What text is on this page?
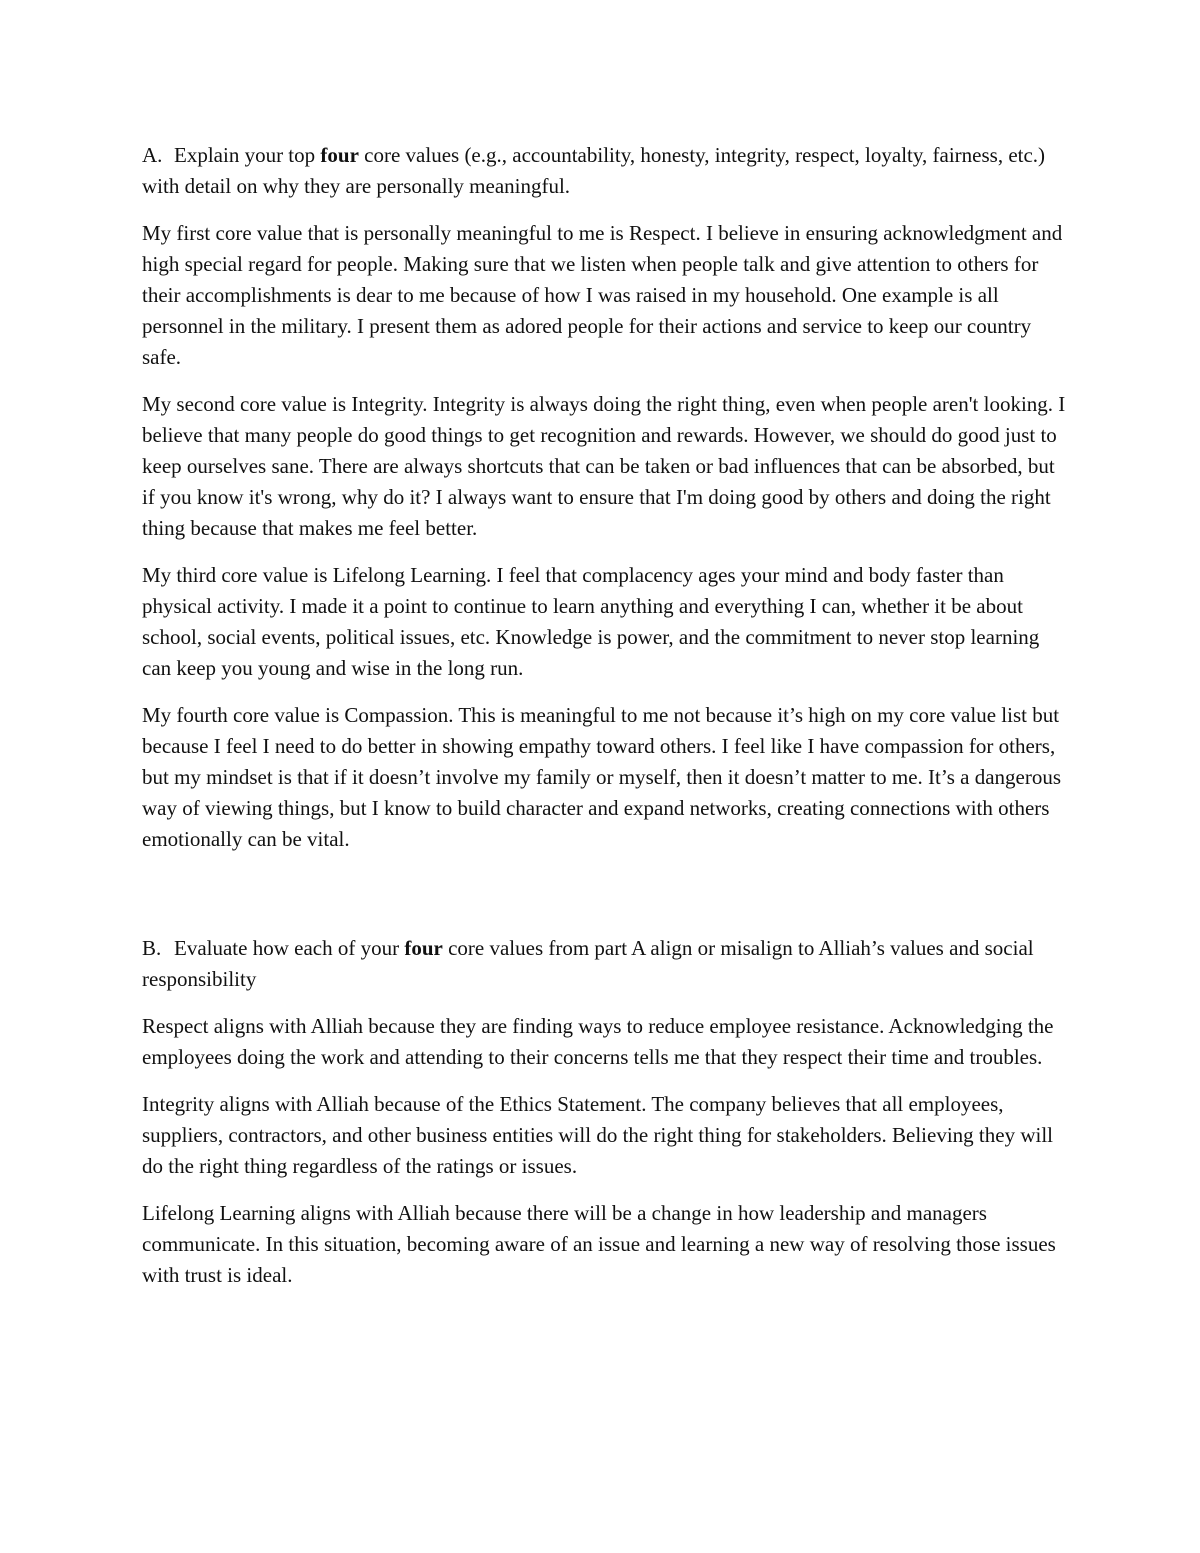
A. Explain your top four core values (e.g., accountability, honesty, integrity, respect, loyalty, fairness, etc.) with detail on why they are personally meaningful.

My first core value that is personally meaningful to me is Respect. I believe in ensuring acknowledgment and high special regard for people. Making sure that we listen when people talk and give attention to others for their accomplishments is dear to me because of how I was raised in my household. One example is all personnel in the military. I present them as adored people for their actions and service to keep our country safe.

My second core value is Integrity. Integrity is always doing the right thing, even when people aren't looking. I believe that many people do good things to get recognition and rewards. However, we should do good just to keep ourselves sane. There are always shortcuts that can be taken or bad influences that can be absorbed, but if you know it's wrong, why do it? I always want to ensure that I'm doing good by others and doing the right thing because that makes me feel better.

My third core value is Lifelong Learning. I feel that complacency ages your mind and body faster than physical activity. I made it a point to continue to learn anything and everything I can, whether it be about school, social events, political issues, etc. Knowledge is power, and the commitment to never stop learning can keep you young and wise in the long run.

My fourth core value is Compassion. This is meaningful to me not because it’s high on my core value list but because I feel I need to do better in showing empathy toward others. I feel like I have compassion for others, but my mindset is that if it doesn’t involve my family or myself, then it doesn’t matter to me. It’s a dangerous way of viewing things, but I know to build character and expand networks, creating connections with others emotionally can be vital.

B. Evaluate how each of your four core values from part A align or misalign to Alliah’s values and social responsibility

Respect aligns with Alliah because they are finding ways to reduce employee resistance. Acknowledging the employees doing the work and attending to their concerns tells me that they respect their time and troubles.

Integrity aligns with Alliah because of the Ethics Statement. The company believes that all employees, suppliers, contractors, and other business entities will do the right thing for stakeholders. Believing they will do the right thing regardless of the ratings or issues.

Lifelong Learning aligns with Alliah because there will be a change in how leadership and managers communicate. In this situation, becoming aware of an issue and learning a new way of resolving those issues with trust is ideal.
